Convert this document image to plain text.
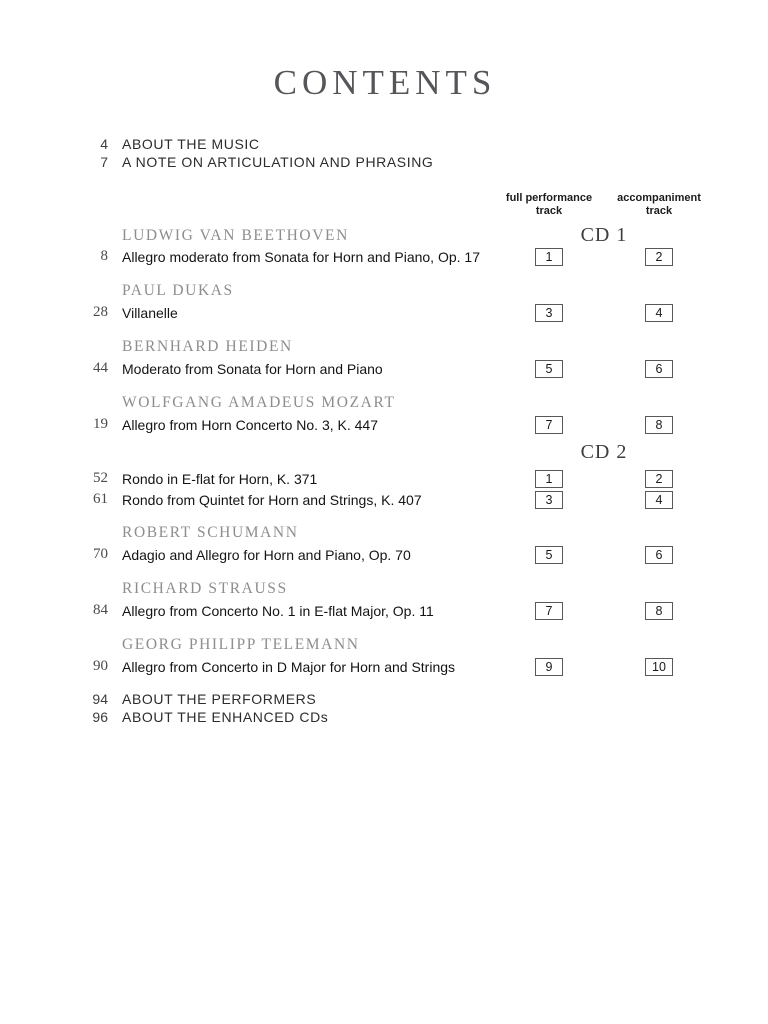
CONTENTS
4 ABOUT THE MUSIC
7 A NOTE ON ARTICULATION AND PHRASING
full performance
track
accompaniment
track
LUDWIG VAN BEETHOVEN	CD 1
8 Allegro moderato from Sonata for Horn and Piano, Op. 17	1	2
PAUL DUKAS
28 Villanelle	3	4
BERNHARD HEIDEN
44 Moderato from Sonata for Horn and Piano	5	6
WOLFGANG AMADEUS MOZART
19 Allegro from Horn Concerto No. 3, K. 447	7	8
CD 2
52 Rondo in E-flat for Horn, K. 371	1	2
61 Rondo from Quintet for Horn and Strings, K. 407	3	4
ROBERT SCHUMANN
70 Adagio and Allegro for Horn and Piano, Op. 70	5	6
RICHARD STRAUSS
84 Allegro from Concerto No. 1 in E-flat Major, Op. 11	7	8
GEORG PHILIPP TELEMANN
90 Allegro from Concerto in D Major for Horn and Strings	9	10
94 ABOUT THE PERFORMERS
96 ABOUT THE ENHANCED CDs
